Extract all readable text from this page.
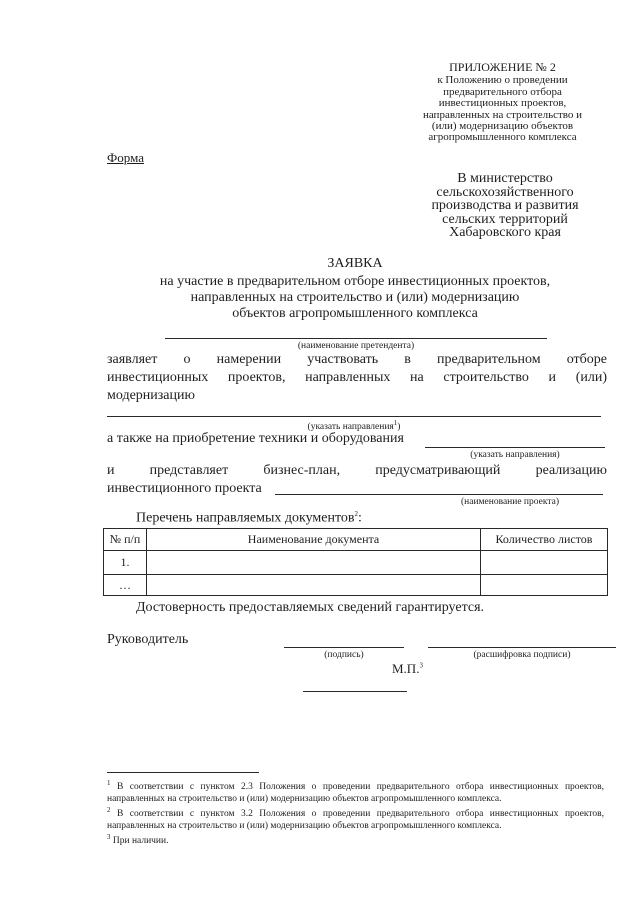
ПРИЛОЖЕНИЕ № 2
к Положению о проведении
предварительного отбора
инвестиционных проектов,
направленных на строительство и
(или) модернизацию объектов
агропромышленного комплекса
Форма
В министерство
сельскохозяйственного
производства и развития
сельских территорий
Хабаровского края
ЗАЯВКА
на участие в предварительном отборе инвестиционных проектов,
направленных на строительство и (или) модернизацию
объектов агропромышленного комплекса
(наименование претендента)
заявляет о намерении участвовать в предварительном отборе
инвестиционных проектов, направленных на строительство и (или)
модернизацию
(указать направления$^1$)
а также на приобретение техники и оборудования
(указать направления)
и	представляет	бизнес-план,	предусматривающий	реализацию
инвестиционного проекта
(наименование проекта)
Перечень направляемых документов$^2$:
№ п/п	Наименование документа	Количество листов
1.		
…		
Достоверность предоставляемых сведений гарантируется.
Руководитель
(подпись)	(расшифровка подписи)
М.П.$^3$
$^1$ В соответствии с пунктом 2.3 Положения о проведении предварительного отбора инвестиционных проектов, направленных на строительство и (или) модернизацию объектов агропромышленного комплекса.
$^2$ В соответствии с пунктом 3.2 Положения о проведении предварительного отбора инвестиционных проектов, направленных на строительство и (или) модернизацию объектов агропромышленного комплекса.
$^3$ При наличии.
